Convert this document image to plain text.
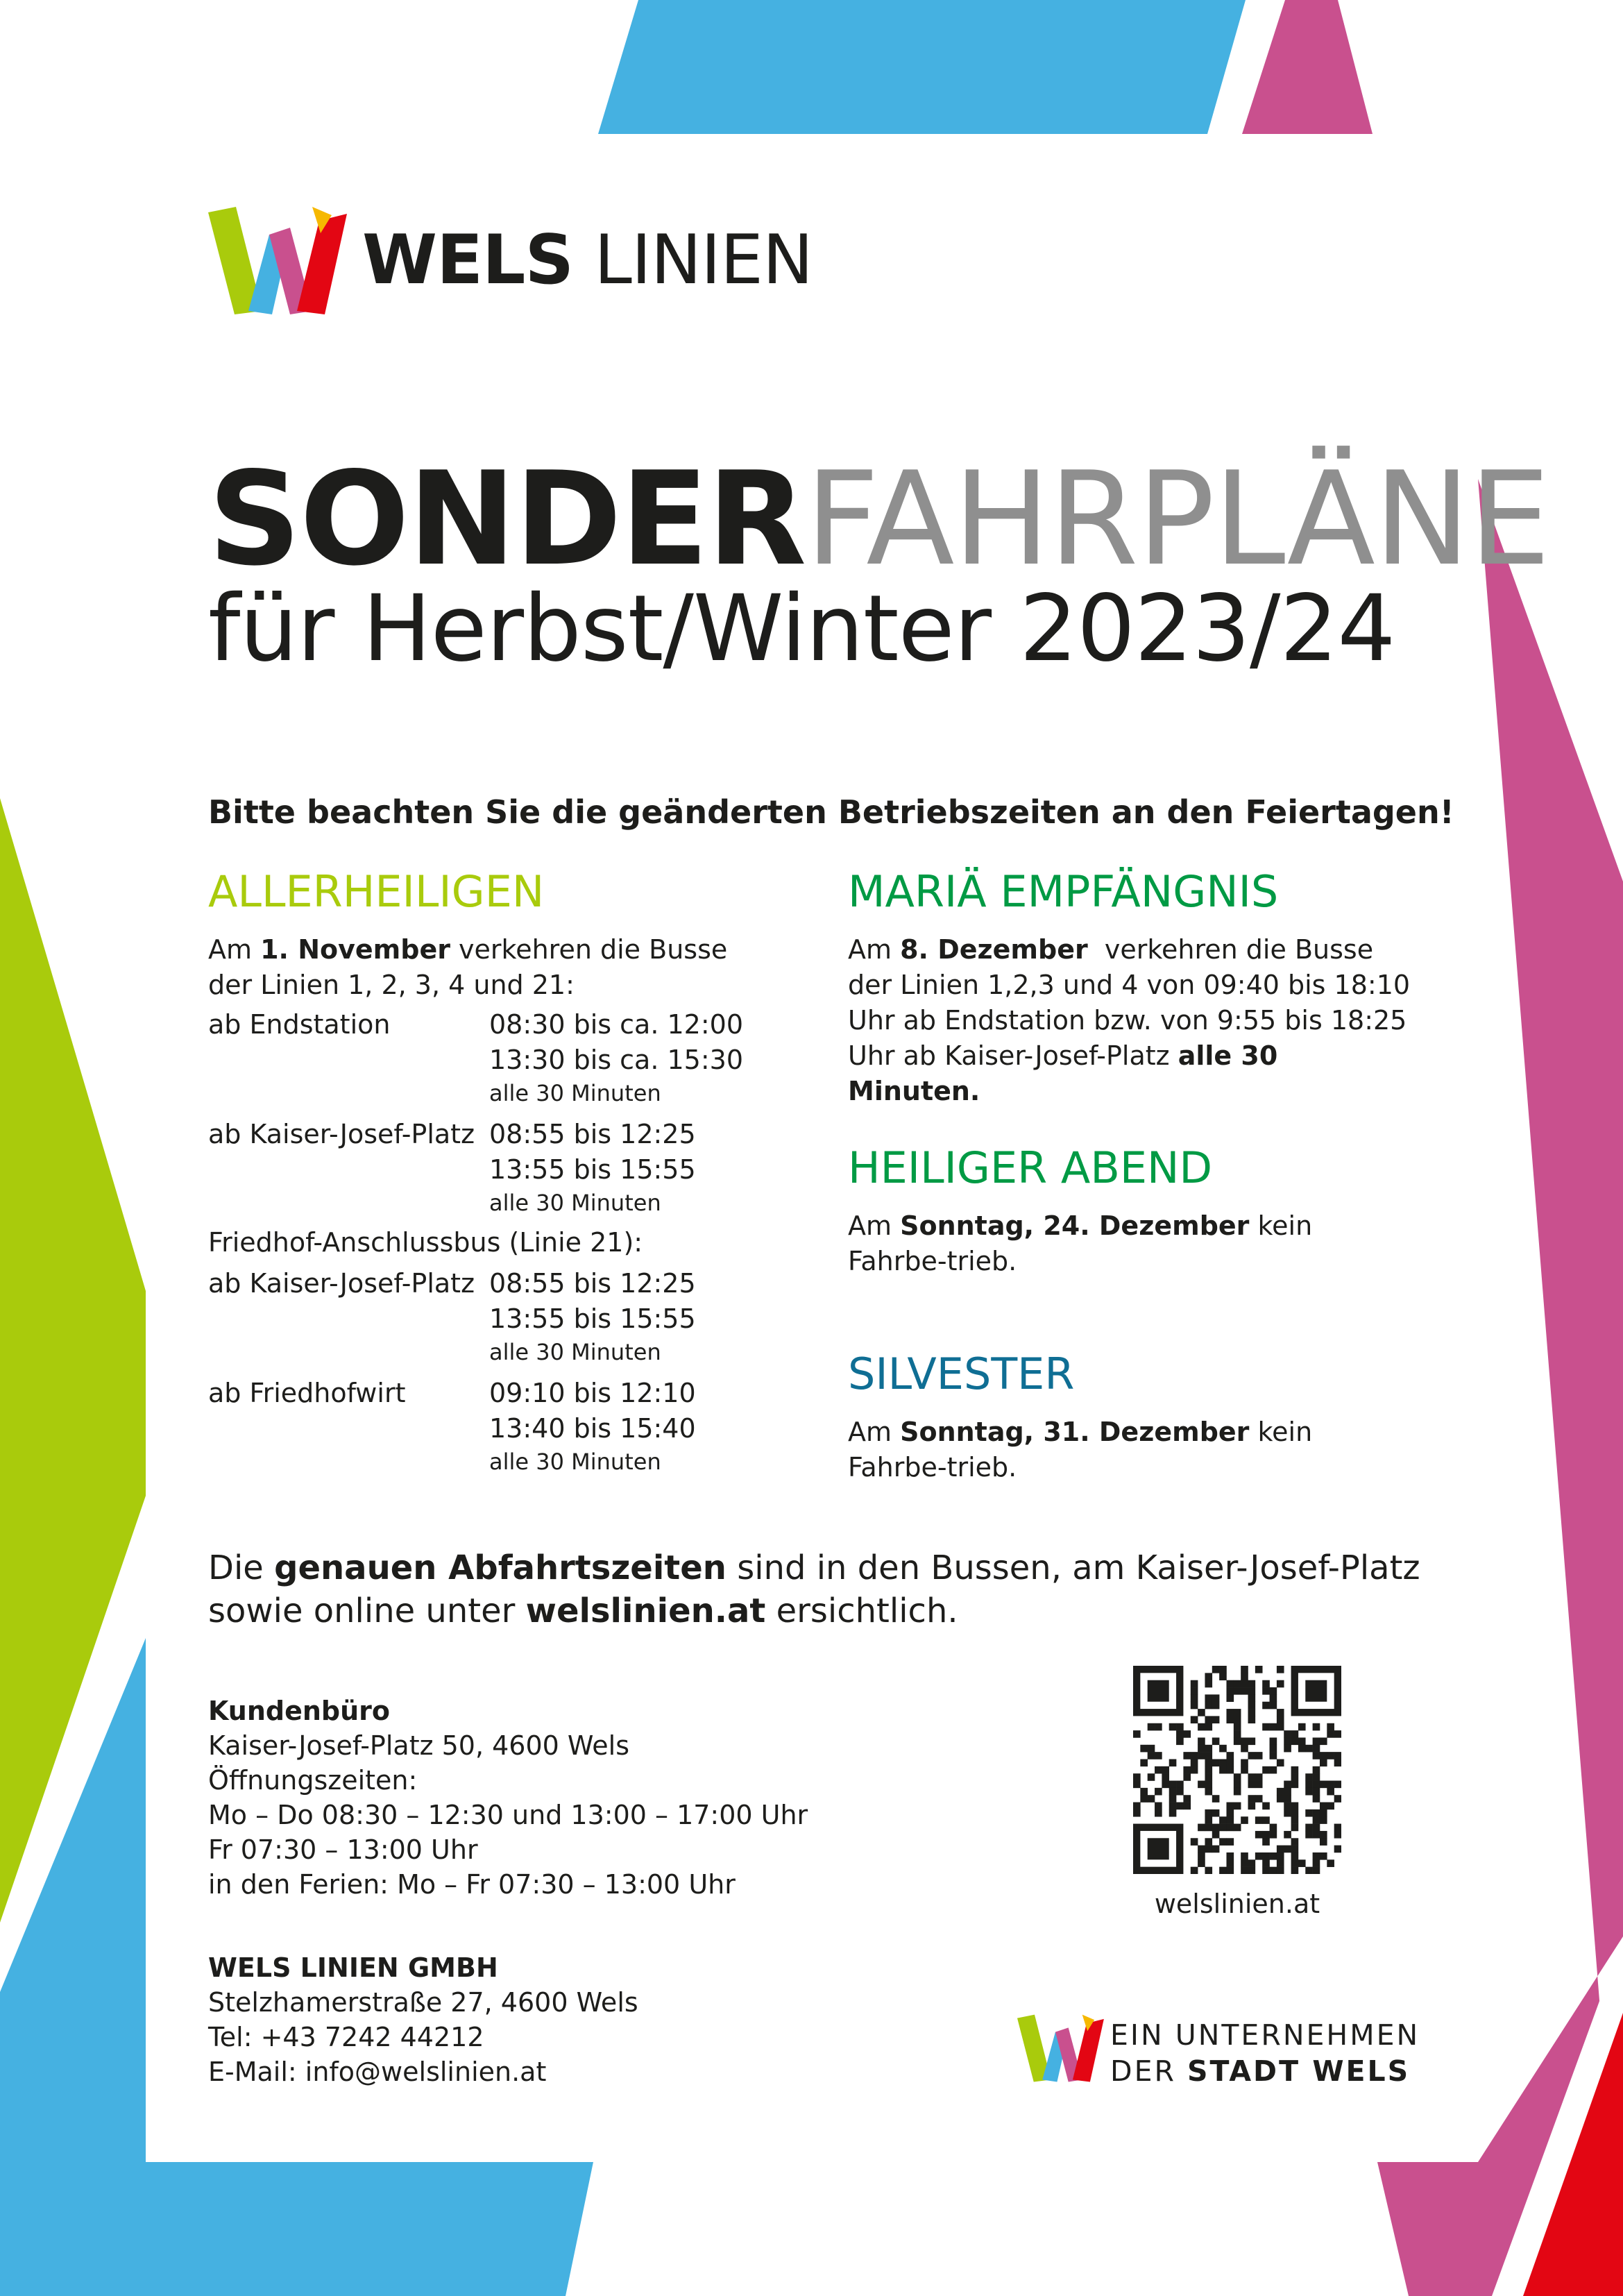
WELS LINIEN
SONDERFAHRPLÄNE
für Herbst/Winter 2023/24
Bitte beachten Sie die geänderten Betriebszeiten an den Feiertagen!
ALLERHEILIGEN
Am 1. November verkehren die Busse der Linien 1, 2, 3, 4 und 21:
ab Endstation	08:30 bis ca. 12:00
13:30 bis ca. 15:30
alle 30 Minuten
ab Kaiser-Josef-Platz 08:55 bis 12:25
13:55 bis 15:55
alle 30 Minuten
Friedhof-Anschlussbus (Linie 21):
ab Kaiser-Josef-Platz 08:55 bis 12:25
13:55 bis 15:55
alle 30 Minuten
ab Friedhofwirt	09:10 bis 12:10
13:40 bis 15:40
alle 30 Minuten
MARIÄ EMPFÄNGNIS
Am 8. Dezember  verkehren die Busse der Linien 1,2,3 und 4 von 09:40 bis 18:10 Uhr ab Endstation bzw. von 9:55 bis 18:25 Uhr ab Kaiser-Josef-Platz alle 30 Minuten.
HEILIGER ABEND
Am Sonntag, 24. Dezember kein Fahrbe-trieb.
SILVESTER
Am Sonntag, 31. Dezember kein Fahrbe-trieb.
Die genauen Abfahrtszeiten sind in den Bussen, am Kaiser-Josef-Platz sowie online unter welslinien.at ersichtlich.
Kundenbüro
Kaiser-Josef-Platz 50, 4600 Wels
Öffnungszeiten:
Mo – Do 08:30 – 12:30 und 13:00 – 17:00 Uhr
Fr 07:30 – 13:00 Uhr
in den Ferien: Mo – Fr 07:30 – 13:00 Uhr
WELS LINIEN GMBH
Stelzhamerstraße 27, 4600 Wels
Tel: +43 7242 44212
E-Mail: info@welslinien.at
welslinien.at
EIN UNTERNEHMEN
DER STADT WELS
